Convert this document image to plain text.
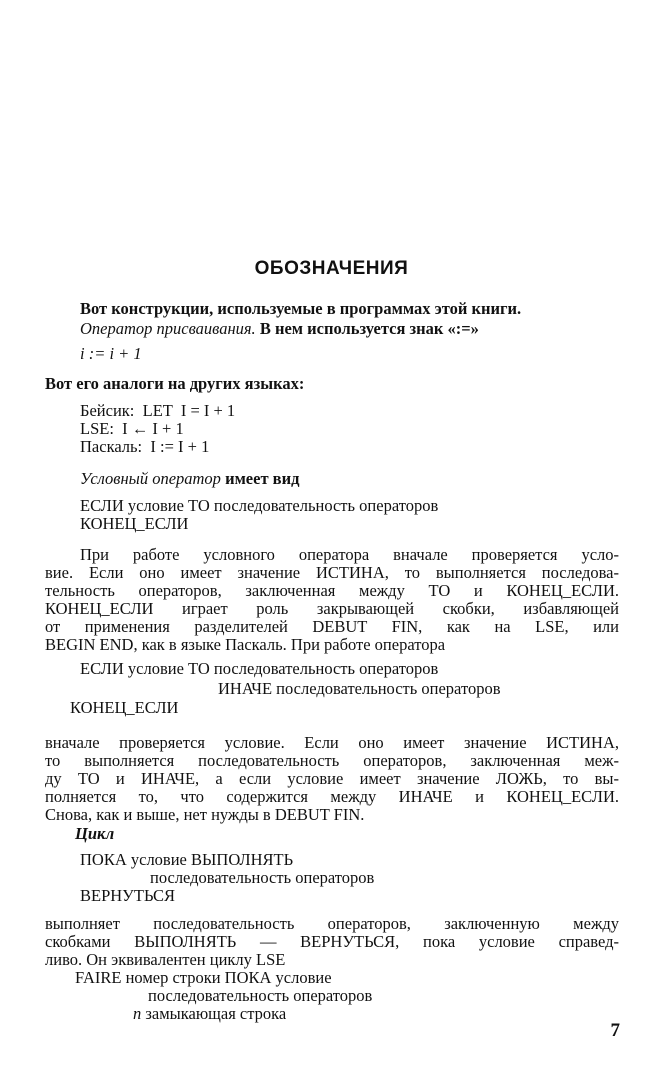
ОБОЗНАЧЕНИЯ
Вот конструкции, используемые в программах этой книги.
Оператор присваивания. В нем используется знак «:=»
i := i + 1
Вот его аналоги на других языках:
Бейсик:  LET  I = I + 1
LSE:  I ← I + 1
Паскаль:  I := I + 1
Условный оператор имеет вид
ЕСЛИ условие ТО последовательность операторов
КОНЕЦ_ЕСЛИ
При работе условного оператора вначале проверяется усло-
вие. Если оно имеет значение ИСТИНА, то выполняется последова-
тельность операторов, заключенная между ТО и КОНЕЦ_ЕСЛИ.
КОНЕЦ_ЕСЛИ играет роль закрывающей скобки, избавляющей
от применения разделителей DEBUT FIN, как на LSE, или
BEGIN END, как в языке Паскаль. При работе оператора
ЕСЛИ условие ТО последовательность операторов
ИНАЧЕ последовательность операторов
КОНЕЦ_ЕСЛИ
вначале проверяется условие. Если оно имеет значение ИСТИНА,
то выполняется последовательность операторов, заключенная меж-
ду ТО и ИНАЧЕ, а если условие имеет значение ЛОЖЬ, то вы-
полняется то, что содержится между ИНАЧЕ и КОНЕЦ_ЕСЛИ.
Снова, как и выше, нет нужды в DEBUT FIN.
Цикл
ПОКА условие ВЫПОЛНЯТЬ
последовательность операторов
ВЕРНУТЬСЯ
выполняет последовательность операторов, заключенную между
скобками ВЫПОЛНЯТЬ — ВЕРНУТЬСЯ, пока условие справед-
ливо. Он эквивалентен циклу LSE
FAIRE номер строки ПОКА условие
последовательность операторов
n замыкающая строка
7
